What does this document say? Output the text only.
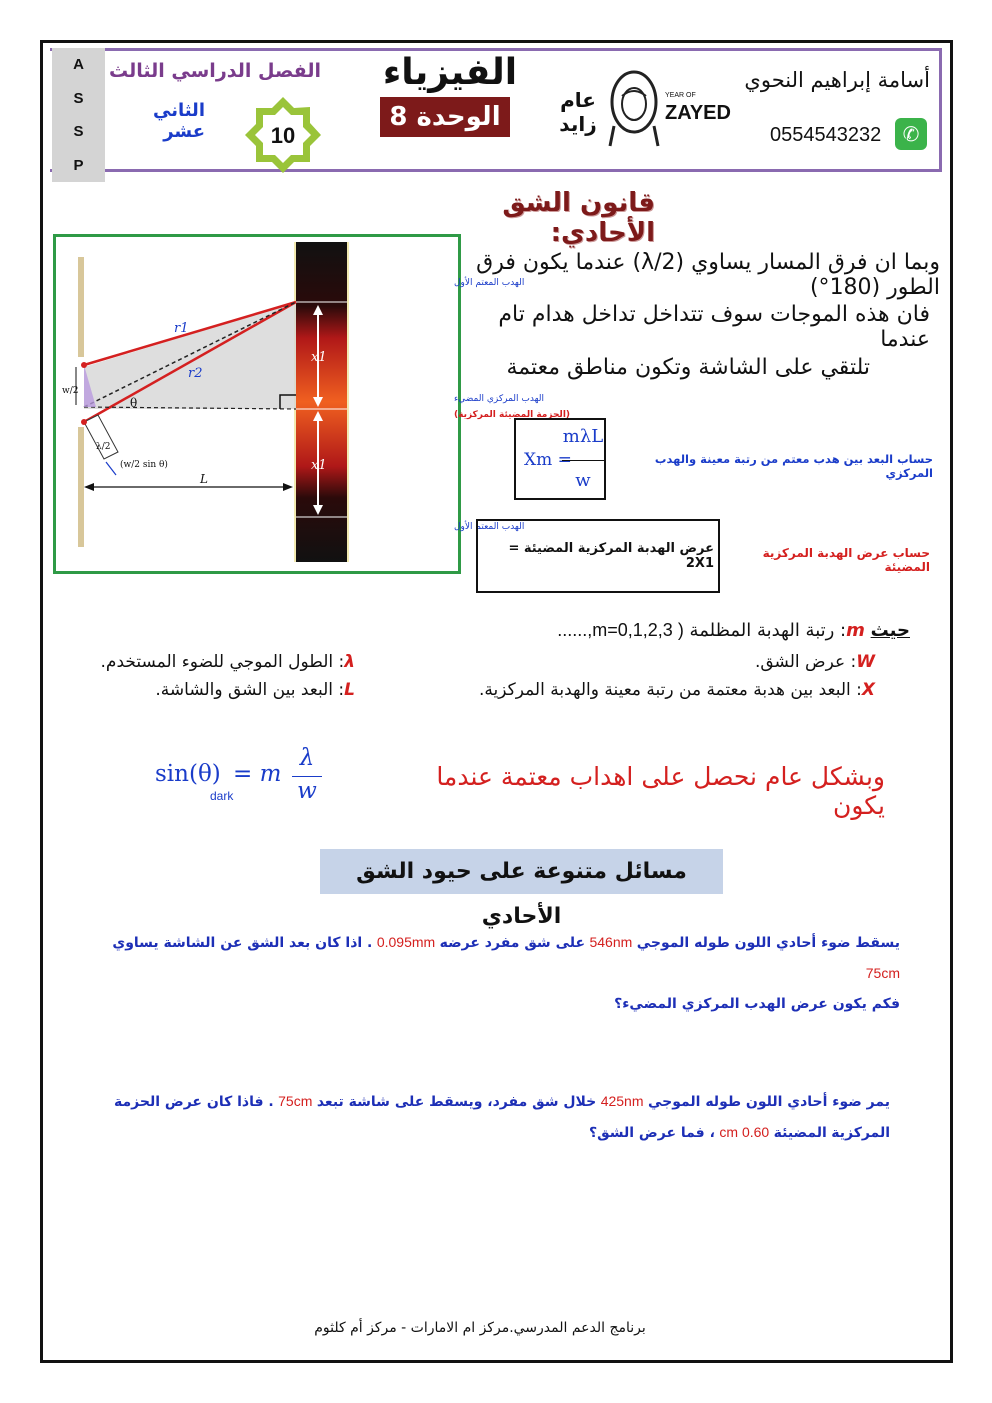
A
S
S
P
الفصل الدراسي الثالث
الثاني عشر	10
الفيزياء
الوحدة 8
عام زايد
YEAR OF
ZAYED
أسامة إبراهيم النحوي
0554543232	✆
قانون الشق الأحادي:
r1
r2
θ
w/2
λ/2
(w/2 sin θ)
L
x1
x1
الهدب المعتم الأول
الهدب المركزي المضيء
(الحزمة المضيئة المركزية)
الهدب المعتم الأول
وبما ان فرق المسار يساوي (λ/2) عندما يكون فرق الطور (180°)
فان هذه الموجات سوف تتداخل تداخل هدام تام عندما
تلتقي على الشاشة وتكون مناطق معتمة
Xm =
mλL
w
حساب البعد بين هدب معتم من رتبة معينة والهدب المركزي
عرض الهدبة المركزية المضيئة = 2X1
حساب عرض الهدبة المركزية المضيئة
حيث m: رتبة الهدبة المظلمة ( m=0,1,2,3,......
W: عرض الشق.
X: البعد بين هدبة معتمة من رتبة معينة والهدبة المركزية.
λ: الطول الموجي للضوء المستخدم.
L: البعد بين الشق والشاشة.
sin(θ)
dark
= m
λ
w	وبشكل عام نحصل على اهداب معتمة عندما يكون
مسائل متنوعة على حيود الشق الأحادي
يسقط ضوء أحادي اللون طوله الموجي 546nm على شق مفرد عرضه 0.095mm . اذا كان بعد الشق عن الشاشة يساوي 75cm
فكم يكون عرض الهدب المركزي المضيء؟
يمر ضوء أحادي اللون طوله الموجي 425nm خلال شق مفرد، ويسقط على شاشة تبعد 75cm . فاذا كان عرض الحزمة المركزية المضيئة 0.60 cm ، فما عرض الشق؟
برنامج الدعم المدرسي.مركز ام الامارات - مركز أم كلثوم
